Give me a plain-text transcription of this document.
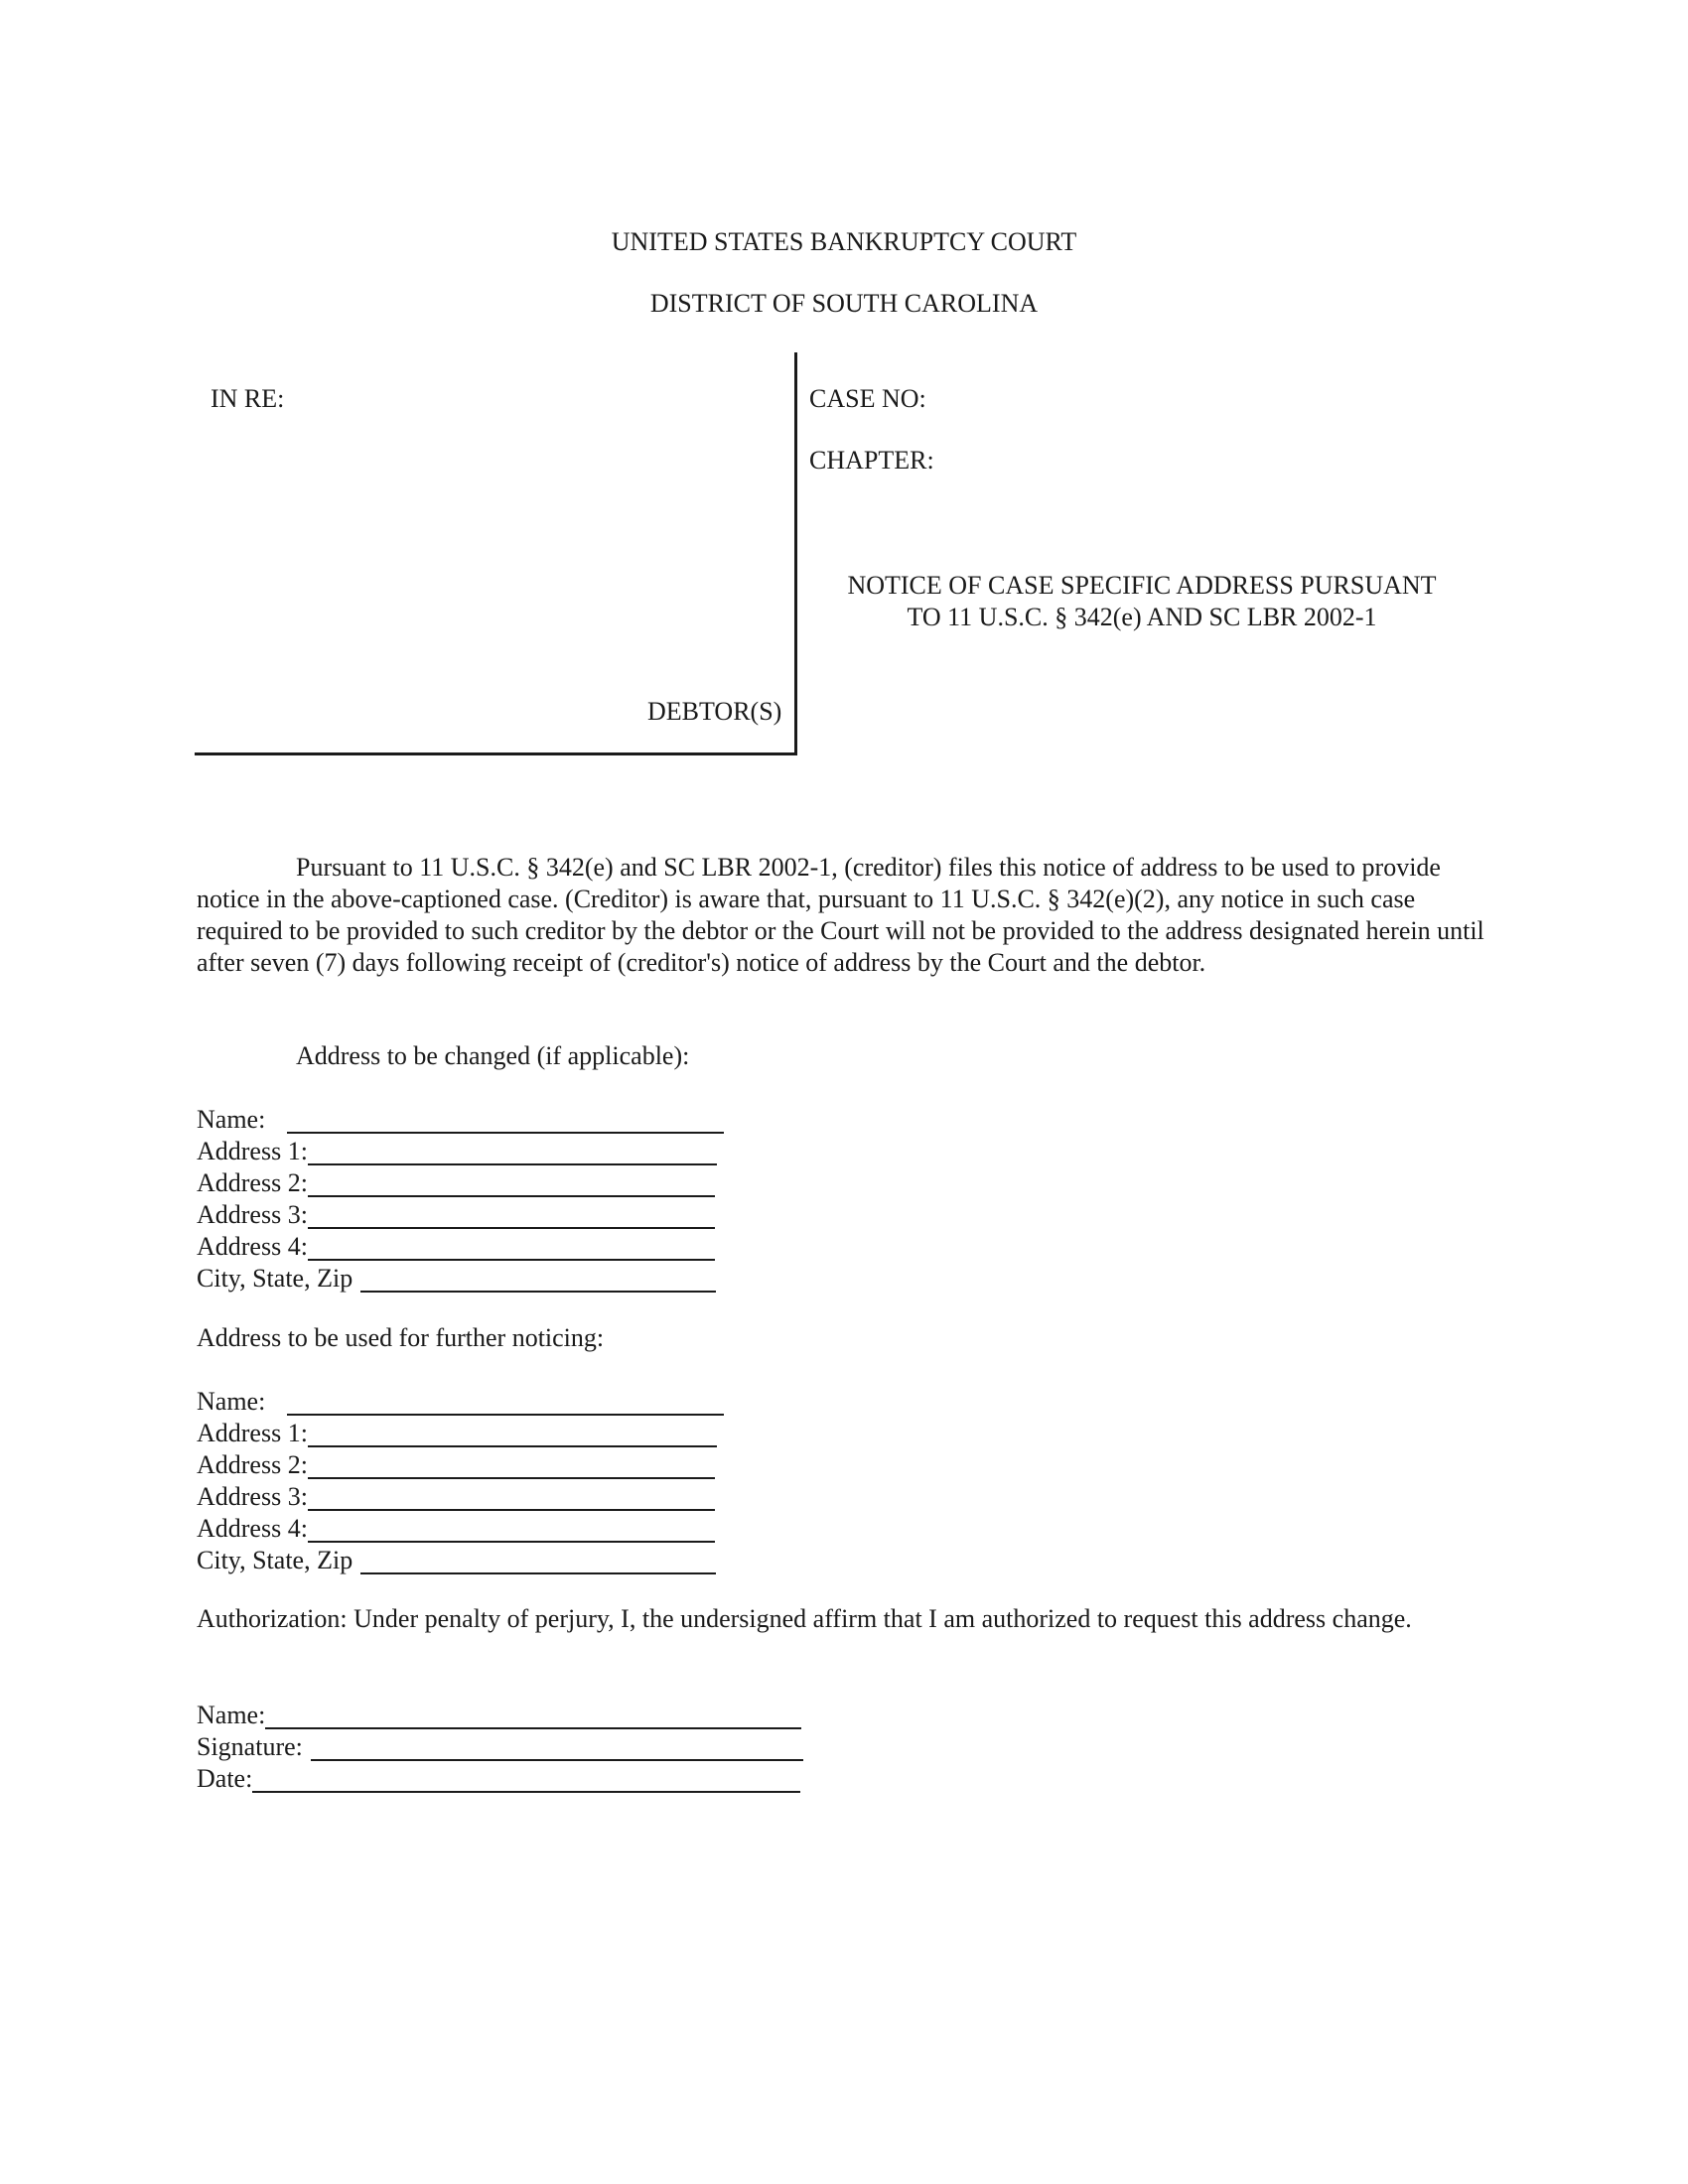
UNITED STATES BANKRUPTCY COURT
DISTRICT OF SOUTH CAROLINA
IN RE:
DEBTOR(S)
CASE NO:
CHAPTER:
NOTICE OF CASE SPECIFIC ADDRESS PURSUANT
TO 11 U.S.C. § 342(e) AND SC LBR 2002-1
Pursuant to 11 U.S.C. § 342(e) and SC LBR 2002-1, (creditor) files this notice of address to be used to provide notice in the above-captioned case. (Creditor) is aware that, pursuant to 11 U.S.C. § 342(e)(2), any notice in such case required to be provided to such creditor by the debtor or the Court will not be provided to the address designated herein until after seven (7) days following receipt of (creditor's) notice of address by the Court and the debtor.
Address to be changed (if applicable):
Name:
Address 1:
Address 2:
Address 3:
Address 4:
City, State, Zip
Address to be used for further noticing:
Name:
Address 1:
Address 2:
Address 3:
Address 4:
City, State, Zip
Authorization: Under penalty of perjury, I, the undersigned affirm that I am authorized to request this address change.
Name:
Signature:
Date:
